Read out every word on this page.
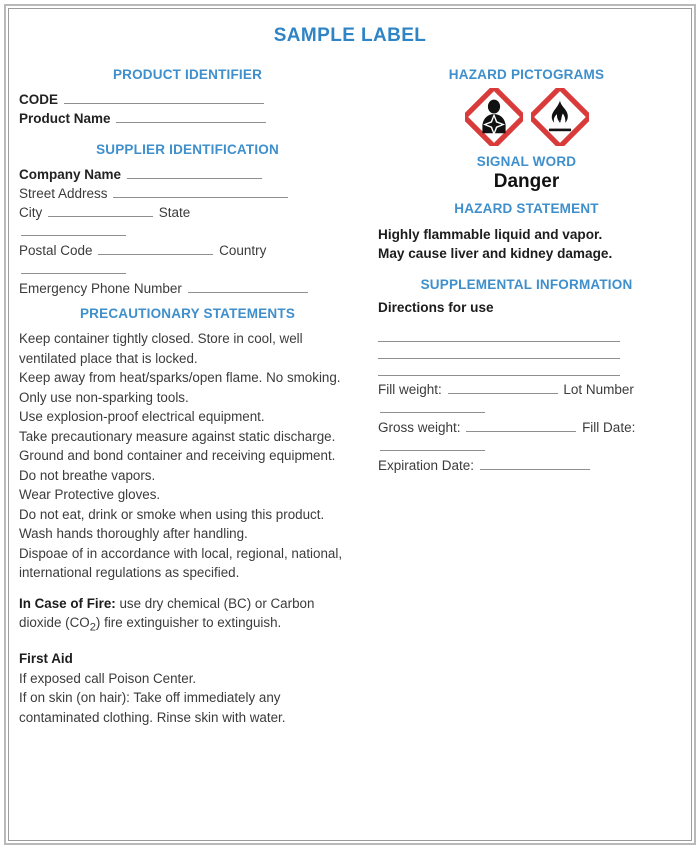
SAMPLE LABEL
PRODUCT IDENTIFIER
CODE
Product Name
SUPPLIER IDENTIFICATION
Company Name
Street Address
City	State
Postal Code	Country
Emergency Phone Number
PRECAUTIONARY STATEMENTS

Keep container tightly closed. Store in cool, well ventilated place that is locked.

Keep away from heat/sparks/open flame. No smoking.

Only use non-sparking tools.

Use explosion-proof electrical equipment.

Take precautionary measure against static discharge.

Ground and bond container and receiving equipment.

Do not breathe vapors.

Wear Protective gloves.

Do not eat, drink or smoke when using this product.

Wash hands thoroughly after handling.

Dispoae of in accordance with local, regional, national, international regulations as specified.

In Case of Fire: use dry chemical (BC) or Carbon dioxide $(CO_2)$ fire extinguisher to extinguish.

First Aid

If exposed call Poison Center.

If on skin (on hair): Take off immediately any contaminated clothing. Rinse skin with water.

HAZARD PICTOGRAMS
SIGNAL WORD
Danger
HAZARD STATEMENT
Highly flammable liquid and vapor.
May cause liver and kidney damage.
SUPPLEMENTAL INFORMATION
Directions for use
Fill weight:	Lot Number
Gross weight:	Fill Date:
Expiration Date:
